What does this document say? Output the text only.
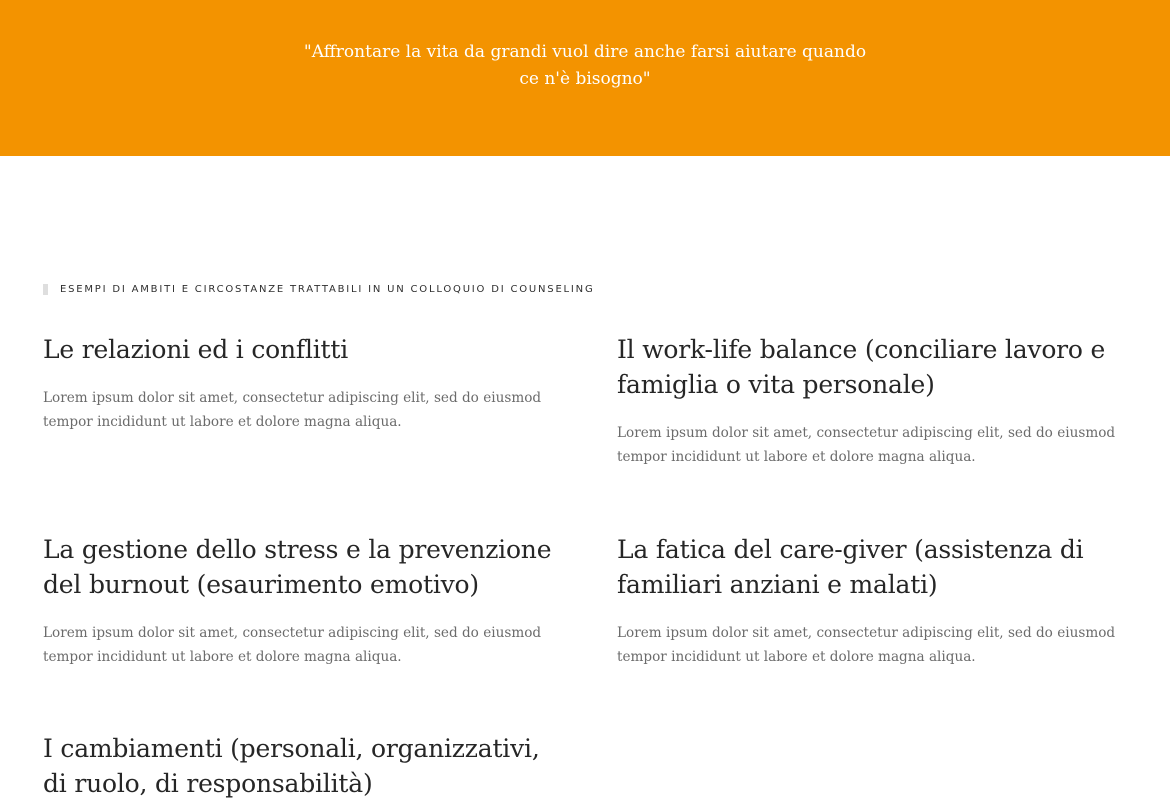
"Affrontare la vita da grandi vuol dire anche farsi aiutare quando ce n'è bisogno"

ESEMPI DI AMBITI E CIRCOSTANZE TRATTABILI IN UN COLLOQUIO DI COUNSELING
Le relazioni ed i conflitti

Lorem ipsum dolor sit amet, consectetur adipiscing elit, sed do eiusmod tempor incididunt ut labore et dolore magna aliqua.

Il work-life balance (conciliare lavoro e famiglia o vita personale)

Lorem ipsum dolor sit amet, consectetur adipiscing elit, sed do eiusmod tempor incididunt ut labore et dolore magna aliqua.

La gestione dello stress e la prevenzione del burnout (esaurimento emotivo)

Lorem ipsum dolor sit amet, consectetur adipiscing elit, sed do eiusmod tempor incididunt ut labore et dolore magna aliqua.

La fatica del care-giver (assistenza di familiari anziani e malati)

Lorem ipsum dolor sit amet, consectetur adipiscing elit, sed do eiusmod tempor incididunt ut labore et dolore magna aliqua.

I cambiamenti (personali, organizzativi, di ruolo, di responsabilità)
